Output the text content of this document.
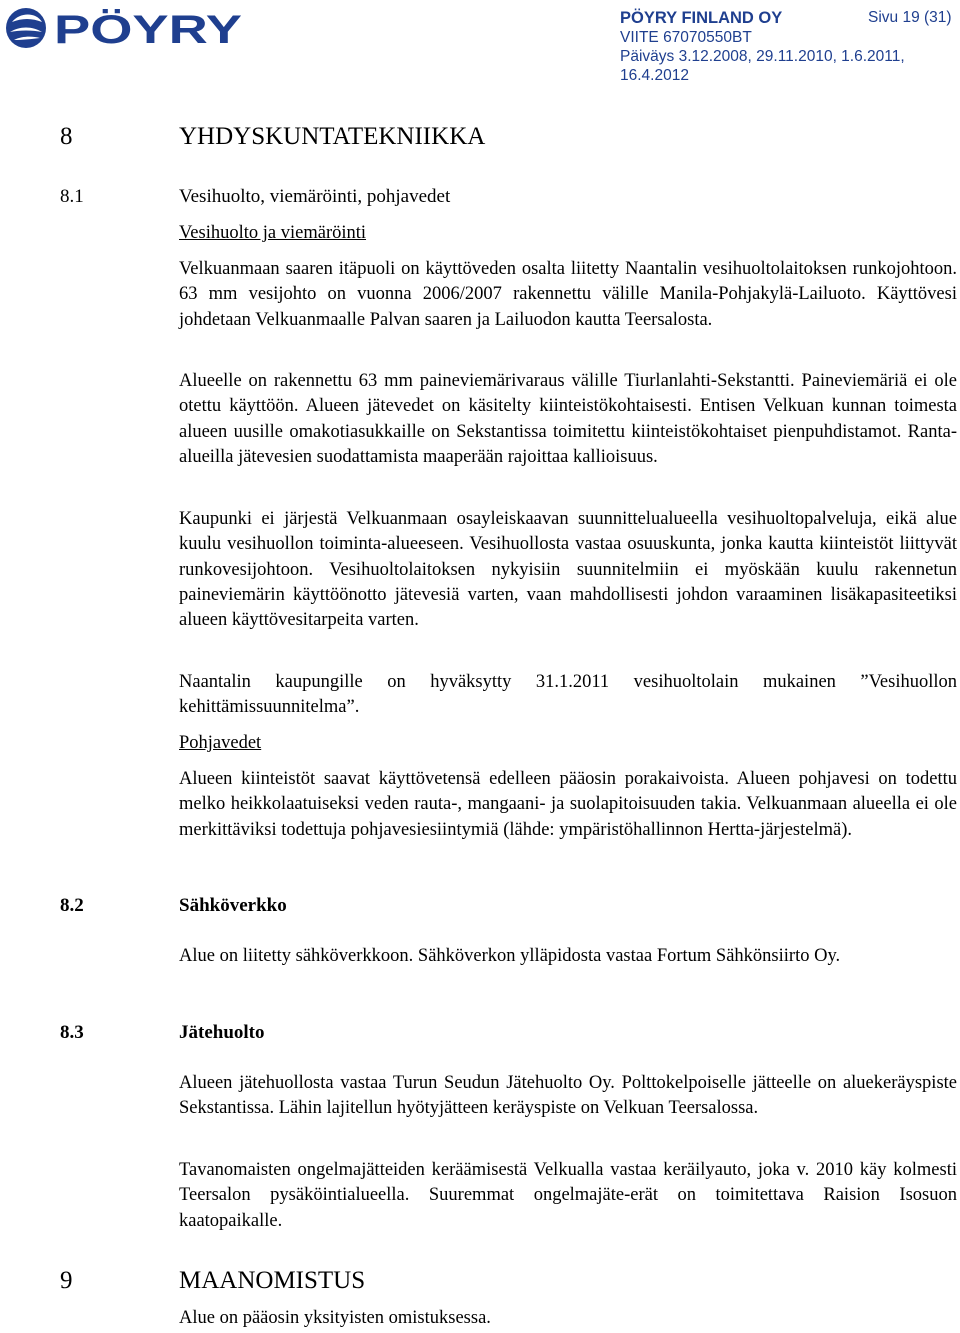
PÖYRY	PÖYRY FINLAND OY	Sivu 19 (31)
VIITE 67070550BT
Päiväys 3.12.2008, 29.11.2010, 1.6.2011,
16.4.2012
8	YHDYSKUNTATEKNIIKKA
8.1	Vesihuolto, viemäröinti, pohjavedet
Vesihuolto ja viemäröinti

Velkuanmaan saaren itäpuoli on käyttöveden osalta liitetty Naantalin vesihuoltolaitoksen runkojohtoon. 63 mm vesijohto on vuonna 2006/2007 rakennettu välille Manila-Pohjakylä-Lailuoto. Käyttövesi johdetaan Velkuanmaalle Palvan saaren ja Lailuodon kautta Teersalosta.

Alueelle on rakennettu 63 mm paineviemärivaraus välille Tiurlanlahti-Sekstantti. Paineviemäriä ei ole otettu käyttöön. Alueen jätevedet on käsitelty kiinteistökohtaisesti. Entisen Velkuan kunnan toimesta alueen uusille omakotiasukkaille on Sekstantissa toimitettu kiinteistökohtaiset pienpuhdistamot. Ranta-alueilla jätevesien suodattamista maaperään rajoittaa kallioisuus.

Kaupunki ei järjestä Velkuanmaan osayleiskaavan suunnittelualueella vesihuoltopalveluja, eikä alue kuulu vesihuollon toiminta-alueeseen. Vesihuollosta vastaa osuuskunta, jonka kautta kiinteistöt liittyvät runkovesijohtoon. Vesihuoltolaitoksen nykyisiin suunnitelmiin ei myöskään kuulu rakennetun paineviemärin käyttöönotto jätevesiä varten, vaan mahdollisesti johdon varaaminen lisäkapasiteetiksi alueen käyttövesitarpeita varten.

Naantalin kaupungille on hyväksytty 31.1.2011 vesihuoltolain mukainen ”Vesihuollon kehittämissuunnitelma”.

Pohjavedet

Alueen kiinteistöt saavat käyttövetensä edelleen pääosin porakaivoista. Alueen pohjavesi on todettu melko heikkolaatuiseksi veden rauta-, mangaani- ja suolapitoisuuden takia. Velkuanmaan alueella ei ole merkittäviksi todettuja pohjavesiesiintymiä (lähde: ympäristöhallinnon Hertta-järjestelmä).

8.2	Sähköverkko

Alue on liitetty sähköverkkoon. Sähköverkon ylläpidosta vastaa Fortum Sähkönsiirto Oy.

8.3	Jätehuolto

Alueen jätehuollosta vastaa Turun Seudun Jätehuolto Oy. Polttokelpoiselle jätteelle on aluekeräyspiste Sekstantissa. Lähin lajitellun hyötyjätteen keräyspiste on Velkuan Teersalossa.

Tavanomaisten ongelmajätteiden keräämisestä Velkualla vastaa keräilyauto, joka v. 2010 käy kolmesti Teersalon pysäköintialueella. Suuremmat ongelmajäte-erät on toimitettava Raision Isosuon kaatopaikalle.

9	MAANOMISTUS

Alue on pääosin yksityisten omistuksessa.
